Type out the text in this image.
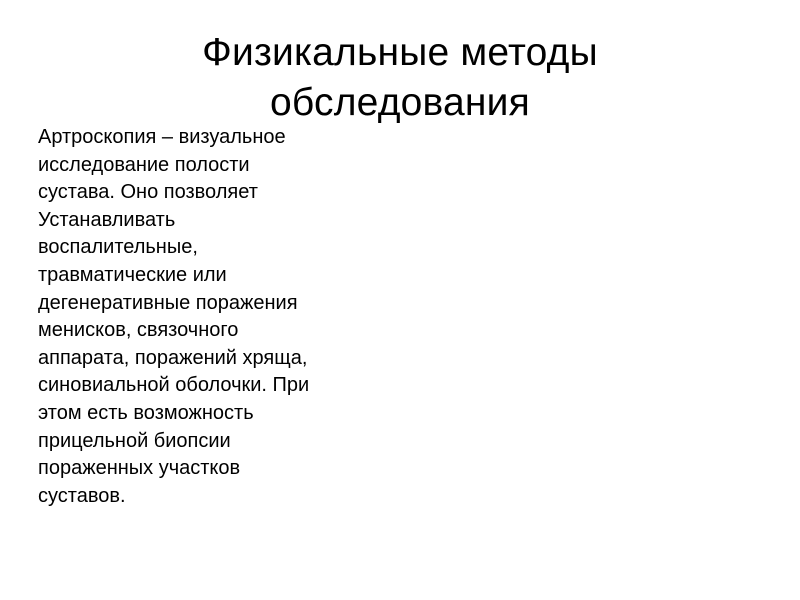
Физикальные методы
обследования

Артроскопия – визуальное
исследование полости
сустава. Оно позволяет
Устанавливать
воспалительные,
травматические или
дегенеративные поражения
менисков, связочного
аппарата, поражений хряща,
синовиальной оболочки. При
этом есть возможность
прицельной биопсии
пораженных участков
суставов.
